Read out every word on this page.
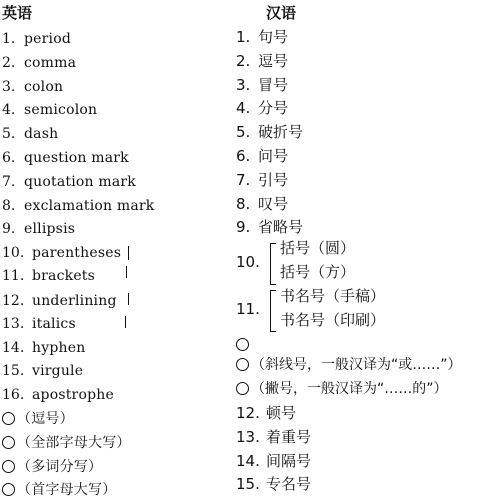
英语	汉语
1. period
2. comma
3. colon
4. semicolon
5. dash
6. question mark
7. quotation mark
8. exclamation mark
9. ellipsis
10. parentheses
11. brackets
12. underlining
13. italics
14. hyphen
15. virgule
16. apostrophe
（逗号）
（全部字母大写）
（多词分写）
（首字母大写）
1. 句号
2. 逗号
3. 冒号
4. 分号
5. 破折号
6. 问号
7. 引号
8. 叹号
9. 省略号
10.
括号（圆）
括号（方）
11.
书名号（手稿）
书名号（印刷）
（斜线号，一般汉译为“或……”）
（撇号，一般汉译为“……的”）
12. 顿号
13. 着重号
14. 间隔号
15. 专名号
